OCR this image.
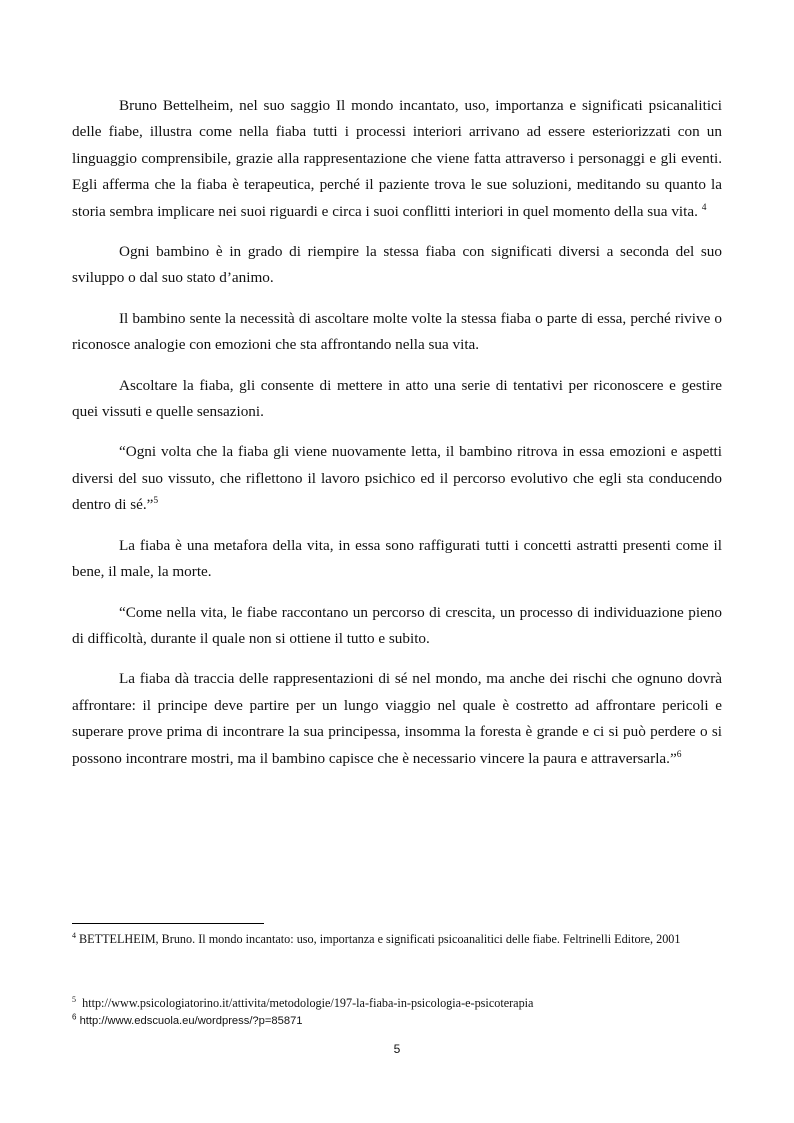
Bruno Bettelheim, nel suo saggio Il mondo incantato, uso, importanza e significati psicanalitici delle fiabe, illustra come nella fiaba tutti i processi interiori arrivano ad essere esteriorizzati con un linguaggio comprensibile, grazie alla rappresentazione che viene fatta attraverso i personaggi e gli eventi. Egli afferma che la fiaba è terapeutica, perché il paziente trova le sue soluzioni, meditando su quanto la storia sembra implicare nei suoi riguardi e circa i suoi conflitti interiori in quel momento della sua vita. $^4$

Ogni bambino è in grado di riempire la stessa fiaba con significati diversi a seconda del suo sviluppo o dal suo stato d’animo.

Il bambino sente la necessità di ascoltare molte volte la stessa fiaba o parte di essa, perché rivive o riconosce analogie con emozioni che sta affrontando nella sua vita.

Ascoltare la fiaba, gli consente di mettere in atto una serie di tentativi per riconoscere e gestire quei vissuti e quelle sensazioni.

“Ogni volta che la fiaba gli viene nuovamente letta, il bambino ritrova in essa emozioni e aspetti diversi del suo vissuto, che riflettono il lavoro psichico ed il percorso evolutivo che egli sta conducendo dentro di sé.”$^5$

La fiaba è una metafora della vita, in essa sono raffigurati tutti i concetti astratti presenti come il bene, il male, la morte.

“Come nella vita, le fiabe raccontano un percorso di crescita, un processo di individuazione pieno di difficoltà, durante il quale non si ottiene il tutto e subito.

La fiaba dà traccia delle rappresentazioni di sé nel mondo, ma anche dei rischi che ognuno dovrà affrontare: il principe deve partire per un lungo viaggio nel quale è costretto ad affrontare pericoli e superare prove prima di incontrare la sua principessa, insomma la foresta è grande e ci si può perdere o si possono incontrare mostri, ma il bambino capisce che è necessario vincere la paura e attraversarla.”$^6$

$^4$ BETTELHEIM, Bruno. Il mondo incantato: uso, importanza e significati psicoanalitici delle fiabe. Feltrinelli Editore, 2001
$^5$ http://www.psicologiatorino.it/attivita/metodologie/197-la-fiaba-in-psicologia-e-psicoterapia
$^6$ http://www.edscuola.eu/wordpress/?p=85871
5
